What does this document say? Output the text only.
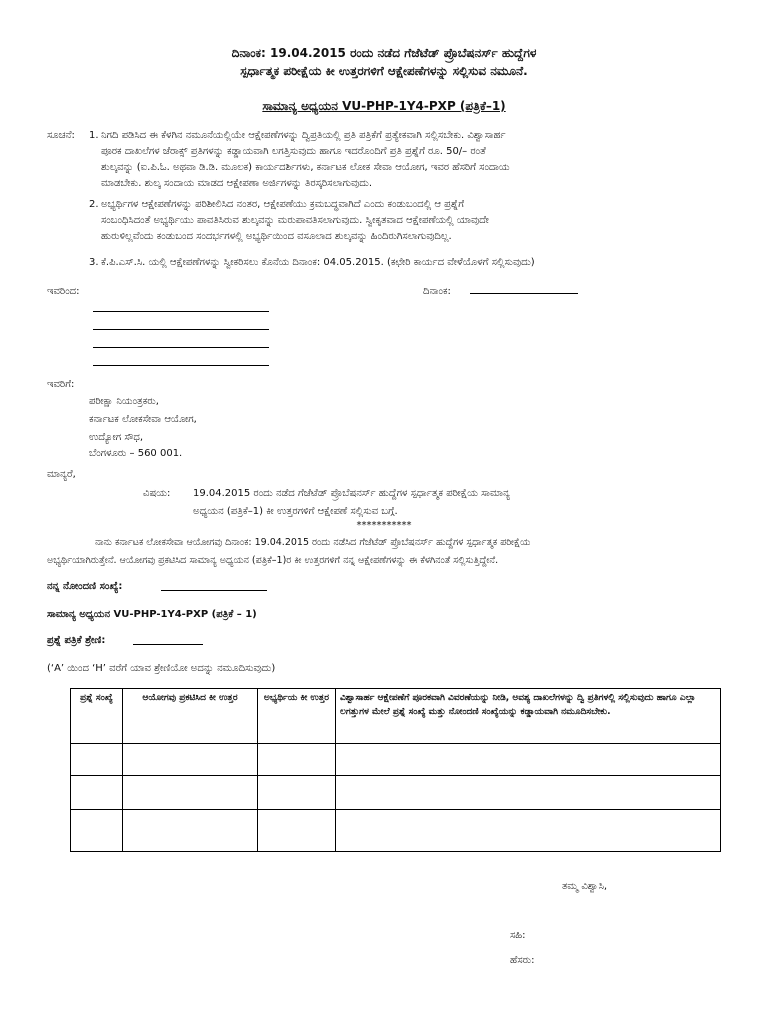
ದಿನಾಂಕ: 19.04.2015 ರಂದು ನಡೆದ ಗೆಜೆಟೆಡ್ ಪ್ರೊಬೆಷನರ್ಸ್ ಹುದ್ದೆಗಳ
ಸ್ಪರ್ಧಾತ್ಮಕ ಪರೀಕ್ಷೆಯ ಕೀ ಉತ್ತರಗಳಿಗೆ ಆಕ್ಷೇಪಣೆಗಳನ್ನು ಸಲ್ಲಿಸುವ ನಮೂನೆ.
ಸಾಮಾನ್ಯ ಅಧ್ಯಯನ VU-PHP-1Y4-PXP (ಪತ್ರಿಕೆ–1)
ಸೂಚನೆ: 1. ನಿಗದಿ ಪಡಿಸಿದ ಈ ಕೆಳಗಿನ ನಮೂನೆಯಲ್ಲಿಯೇ ಆಕ್ಷೇಪಣೆಗಳನ್ನು ದ್ವಿಪ್ರತಿಯಲ್ಲಿ ಪ್ರತಿ ಪತ್ರಿಕೆಗೆ ಪ್ರತ್ಯೇಕವಾಗಿ ಸಲ್ಲಿಸಬೇಕು. ವಿಶ್ವಾಸಾರ್ಹ
ಪೂರಕ ದಾಖಲೆಗಳ ಜೆರಾಕ್ಸ್ ಪ್ರತಿಗಳನ್ನು ಕಡ್ಡಾಯವಾಗಿ ಲಗತ್ತಿಸುವುದು ಹಾಗೂ ಇದರೊಂದಿಗೆ ಪ್ರತಿ ಪ್ರಶ್ನೆಗೆ ರೂ. 50/– ರಂತೆ
ಶುಲ್ಕವನ್ನು (ಐ.ಪಿ.ಓ. ಅಥವಾ ಡಿ.ಡಿ. ಮೂಲಕ) ಕಾರ್ಯದರ್ಶಿಗಳು, ಕರ್ನಾಟಕ ಲೋಕ ಸೇವಾ ಆಯೋಗ, ಇವರ ಹೆಸರಿಗೆ ಸಂದಾಯ
ಮಾಡಬೇಕು. ಶುಲ್ಕ ಸಂದಾಯ ಮಾಡದ ಆಕ್ಷೇಪಣಾ ಅರ್ಜಿಗಳನ್ನು ತಿರಸ್ಕರಿಸಲಾಗುವುದು.
2. ಅಭ್ಯರ್ಥಿಗಳ ಆಕ್ಷೇಪಣೆಗಳನ್ನು ಪರಿಶೀಲಿಸಿದ ನಂತರ, ಆಕ್ಷೇಪಣೆಯು ಕ್ರಮಬದ್ಧವಾಗಿದೆ ಎಂದು ಕಂಡುಬಂದಲ್ಲಿ ಆ ಪ್ರಶ್ನೆಗೆ
ಸಂಬಂಧಿಸಿದಂತೆ ಅಭ್ಯರ್ಥಿಯು ಪಾವತಿಸಿರುವ ಶುಲ್ಕವನ್ನು ಮರುಪಾವತಿಸಲಾಗುವುದು. ಸ್ವೀಕೃತವಾದ ಆಕ್ಷೇಪಣೆಯಲ್ಲಿ ಯಾವುದೇ
ಹುರುಳಿಲ್ಲವೆಂದು ಕಂಡುಬಂದ ಸಂದರ್ಭಗಳಲ್ಲಿ ಅಭ್ಯರ್ಥಿಯಿಂದ ವಸೂಲಾದ ಶುಲ್ಕವನ್ನು ಹಿಂದಿರುಗಿಸಲಾಗುವುದಿಲ್ಲ.
3. ಕೆ.ಪಿ.ಎಸ್.ಸಿ. ಯಲ್ಲಿ ಆಕ್ಷೇಪಣೆಗಳನ್ನು ಸ್ವೀಕರಿಸಲು ಕೊನೆಯ ದಿನಾಂಕ: 04.05.2015. (ಕಛೇರಿ ಕಾರ್ಯದ ವೇಳೆಯೊಳಗೆ ಸಲ್ಲಿಸುವುದು)
ಇವರಿಂದ:	ದಿನಾಂಕ:
ಇವರಿಗೆ:
ಪರೀಕ್ಷಾ ನಿಯಂತ್ರಕರು,
ಕರ್ನಾಟಕ ಲೋಕಸೇವಾ ಆಯೋಗ,
ಉದ್ಯೋಗ ಸೌಧ,
ಬೆಂಗಳೂರು – 560 001.
ಮಾನ್ಯರೆ,
ವಿಷಯ: 19.04.2015 ರಂದು ನಡೆದ ಗೆಜೆಟೆಡ್ ಪ್ರೊಬೆಷನರ್ಸ್ ಹುದ್ದೆಗಳ ಸ್ಪರ್ಧಾತ್ಮಕ ಪರೀಕ್ಷೆಯ ಸಾಮಾನ್ಯ
ಅಧ್ಯಯನ (ಪತ್ರಿಕೆ–1) ಕೀ ಉತ್ತರಗಳಿಗೆ ಆಕ್ಷೇಪಣೆ ಸಲ್ಲಿಸುವ ಬಗ್ಗೆ.
***********
ನಾನು ಕರ್ನಾಟಕ ಲೋಕಸೇವಾ ಆಯೋಗವು ದಿನಾಂಕ: 19.04.2015 ರಂದು ನಡೆಸಿದ ಗೆಜೆಟೆಡ್ ಪ್ರೊಬೆಷನರ್ಸ್ ಹುದ್ದೆಗಳ ಸ್ಪರ್ಧಾತ್ಮಕ ಪರೀಕ್ಷೆಯ
ಅಭ್ಯರ್ಥಿಯಾಗಿರುತ್ತೇನೆ. ಆಯೋಗವು ಪ್ರಕಟಿಸಿದ ಸಾಮಾನ್ಯ ಅಧ್ಯಯನ (ಪತ್ರಿಕೆ–1)ರ ಕೀ ಉತ್ತರಗಳಿಗೆ ನನ್ನ ಆಕ್ಷೇಪಣೆಗಳನ್ನು ಈ ಕೆಳಗಿನಂತೆ ಸಲ್ಲಿಸುತ್ತಿದ್ದೇನೆ.
ನನ್ನ ನೋಂದಣಿ ಸಂಖ್ಯೆ:
ಸಾಮಾನ್ಯ ಅಧ್ಯಯನ VU-PHP-1Y4-PXP (ಪತ್ರಿಕೆ – 1)
ಪ್ರಶ್ನೆ ಪತ್ರಿಕೆ ಶ್ರೇಣಿ:
(‘A’ ಯಿಂದ ‘H’ ವರೆಗೆ ಯಾವ ಶ್ರೇಣಿಯೋ ಅದನ್ನು ನಮೂದಿಸುವುದು)
ಪ್ರಶ್ನೆ ಸಂಖ್ಯೆ	ಆಯೋಗವು ಪ್ರಕಟಿಸಿದ ಕೀ ಉತ್ತರ	ಅಭ್ಯರ್ಥಿಯ ಕೀ ಉತ್ತರ	ವಿಶ್ವಾಸಾರ್ಹ ಆಕ್ಷೇಪಣೆಗೆ ಪೂರಕವಾಗಿ ವಿವರಣೆಯನ್ನು ನೀಡಿ, ಅವಶ್ಯ ದಾಖಲೆಗಳನ್ನು ದ್ವಿ ಪ್ರತಿಗಳಲ್ಲಿ ಸಲ್ಲಿಸುವುದು ಹಾಗೂ ಎಲ್ಲಾ ಲಗತ್ತುಗಳ ಮೇಲೆ ಪ್ರಶ್ನೆ ಸಂಖ್ಯೆ ಮತ್ತು ನೋಂದಣಿ ಸಂಖ್ಯೆಯನ್ನು ಕಡ್ಡಾಯವಾಗಿ ನಮೂದಿಸಬೇಕು.

ತಮ್ಮ ವಿಶ್ವಾಸಿ,
ಸಹಿ:
ಹೆಸರು:
